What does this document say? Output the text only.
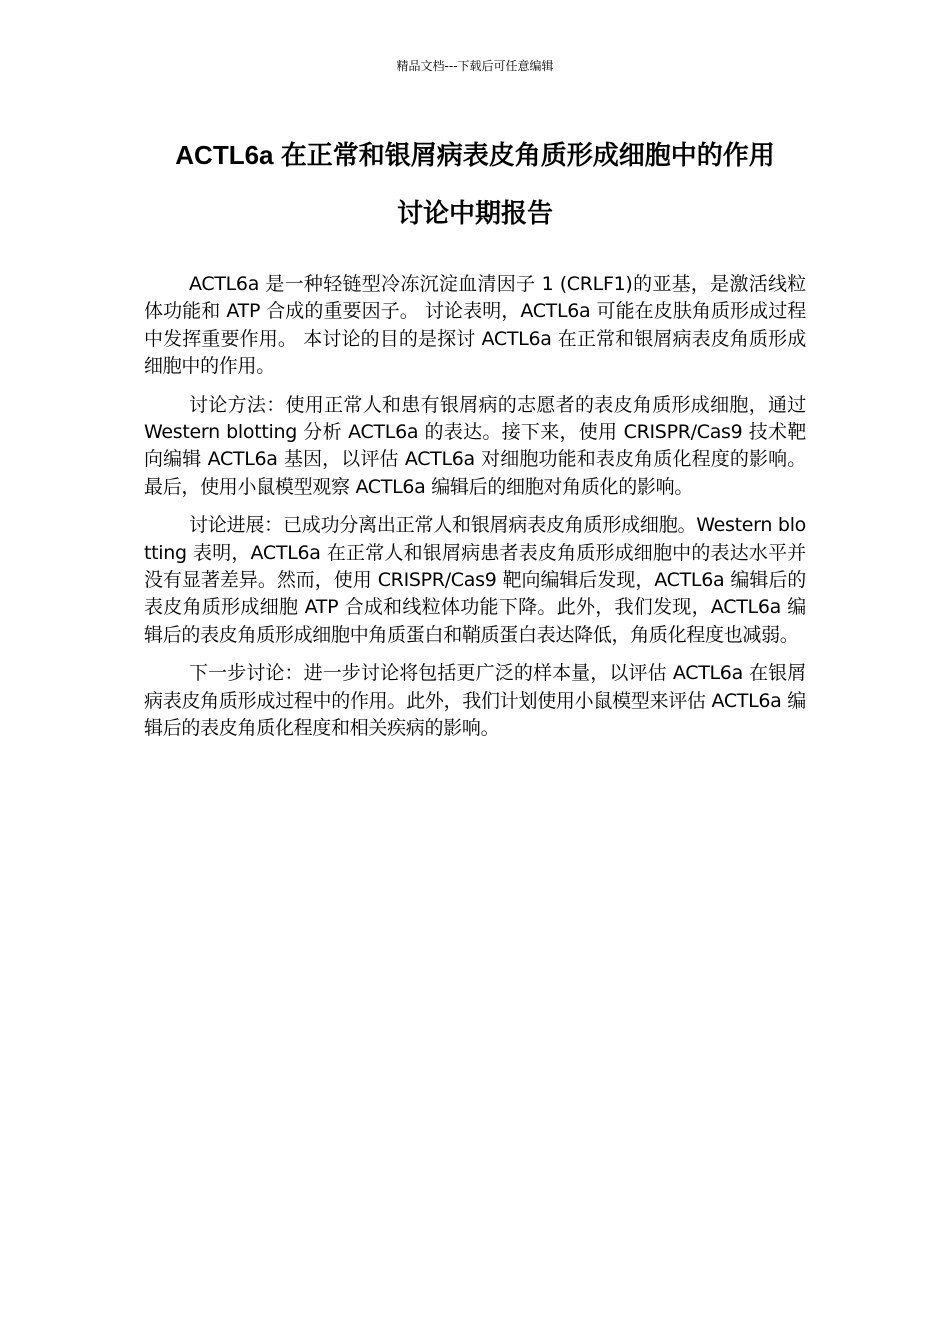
精品文档---下载后可任意编辑
ACTL6a 在正常和银屑病表皮角质形成细胞中的作用
讨论中期报告

ACTL6a 是一种轻链型冷冻沉淀血清因子 1 (CRLF1)的亚基，是激活线粒体功能和 ATP 合成的重要因子。 讨论表明，ACTL6a 可能在皮肤角质形成过程中发挥重要作用。 本讨论的目的是探讨 ACTL6a 在正常和银屑病表皮角质形成细胞中的作用。

讨论方法：使用正常人和患有银屑病的志愿者的表皮角质形成细胞，通过 Western blotting 分析 ACTL6a 的表达。接下来，使用 CRISPR/Cas9 技术靶向编辑 ACTL6a 基因，以评估 ACTL6a 对细胞功能和表皮角质化程度的影响。最后，使用小鼠模型观察 ACTL6a 编辑后的细胞对角质化的影响。

讨论进展：已成功分离出正常人和银屑病表皮角质形成细胞。Western blotting 表明，ACTL6a 在正常人和银屑病患者表皮角质形成细胞中的表达水平并没有显著差异。然而，使用 CRISPR/Cas9 靶向编辑后发现，ACTL6a 编辑后的表皮角质形成细胞 ATP 合成和线粒体功能下降。此外，我们发现，ACTL6a 编辑后的表皮角质形成细胞中角质蛋白和鞘质蛋白表达降低，角质化程度也减弱。

下一步讨论：进一步讨论将包括更广泛的样本量，以评估 ACTL6a 在银屑病表皮角质形成过程中的作用。此外，我们计划使用小鼠模型来评估 ACTL6a 编辑后的表皮角质化程度和相关疾病的影响。
